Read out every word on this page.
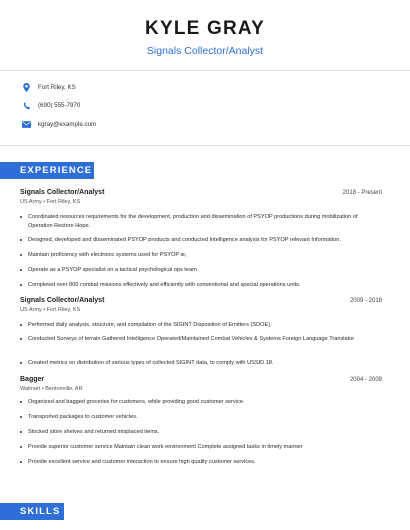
KYLE GRAY
Signals Collector/Analyst
Fort Riley, KS
(690) 555-7970
kgray@example.com
EXPERIENCE
Signals Collector/Analyst	2018 - Present
US Army • Fort Riley, KS
Coordinated resources requirements for the development, production and dissemination of PSYOP productions during mobilization of Operation Restore Hope.
Designed, developed and disseminated PSYOP products and conducted Intelligence analysis for PSYOP relevant Information.
Maintain proficiency with electronic systems used for PSYOP ie,
Operate as a PSYOP specialist on a tactical psychological ops team.
Completed over 800 combat missions effectively and efficiently with conventional and special operations units.
Signals Collector/Analyst	2009 - 2018
US Army • Fort Riley, KS
Performed daily analysis, structure, and compilation of the SIGINT Disposition of Emitters (SDOE).
Conducted Surveys of terrain Gathered Intelligence Operated/Maintained Combat Vehicles & Systems Foreign Language Translator
Created metrics on distribution of various types of collected SIGINT data, to comply with USSID 18.
Bagger	2004 - 2009
Walmart • Bentonville, AR
Organized and bagged groceries for customers, while providing good customer service.
Transported packages to customer vehicles.
Stocked store shelves and returned misplaced items.
Provide superior customer service Maintain clean work environment Complete assigned tasks in timely manner
Provide excellent service and customer interaction to ensure high quality customer services.
SKILLS
